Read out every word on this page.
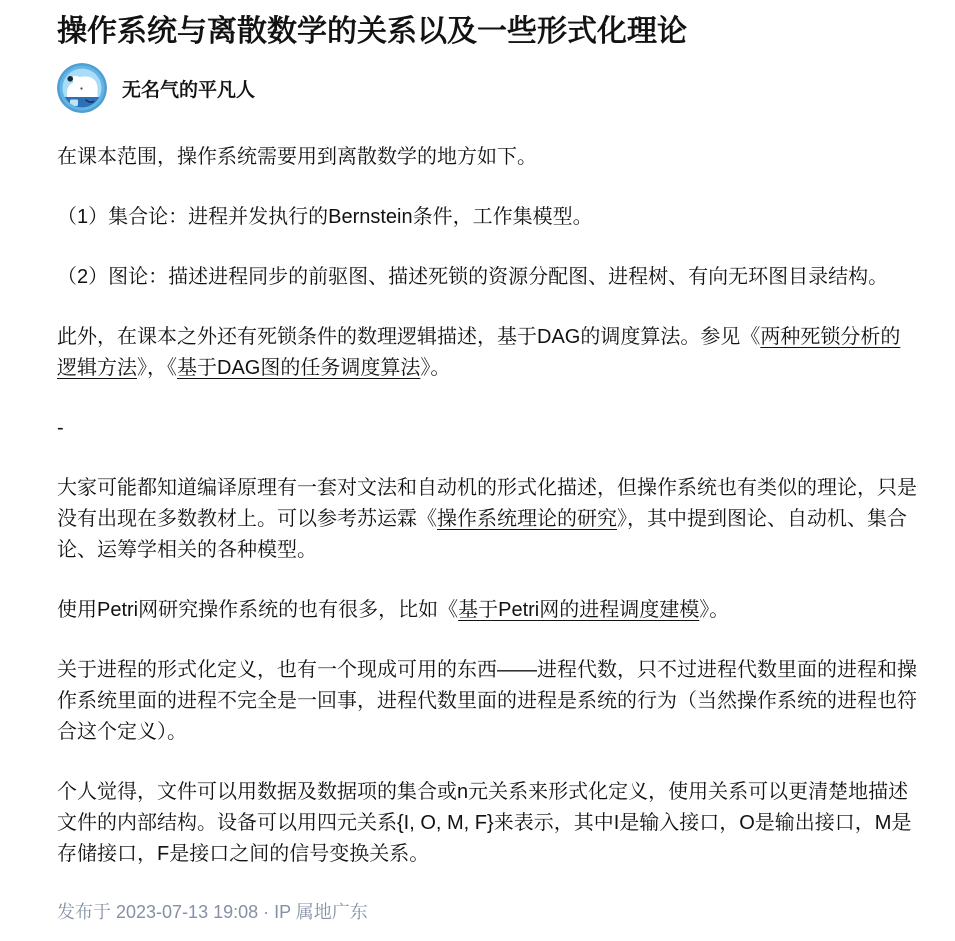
操作系统与离散数学的关系以及一些形式化理论
无名气的平凡人

在课本范围，操作系统需要用到离散数学的地方如下。

（1）集合论：进程并发执行的Bernstein条件，工作集模型。

（2）图论：描述进程同步的前驱图、描述死锁的资源分配图、进程树、有向无环图目录结构。

此外，在课本之外还有死锁条件的数理逻辑描述，基于DAG的调度算法。参见《两种死锁分析的逻辑方法》，《基于DAG图的任务调度算法》。

-

大家可能都知道编译原理有一套对文法和自动机的形式化描述，但操作系统也有类似的理论，只是没有出现在多数教材上。可以参考苏运霖《操作系统理论的研究》，其中提到图论、自动机、集合论、运筹学相关的各种模型。

使用Petri网研究操作系统的也有很多，比如《基于Petri网的进程调度建模》。

关于进程的形式化定义，也有一个现成可用的东西——进程代数，只不过进程代数里面的进程和操作系统里面的进程不完全是一回事，进程代数里面的进程是系统的行为（当然操作系统的进程也符合这个定义）。

个人觉得，文件可以用数据及数据项的集合或n元关系来形式化定义，使用关系可以更清楚地描述文件的内部结构。设备可以用四元关系{I, O, M, F}来表示，其中I是输入接口，O是输出接口，M是存储接口，F是接口之间的信号变换关系。

发布于 2023-07-13 19:08 · IP 属地广东
